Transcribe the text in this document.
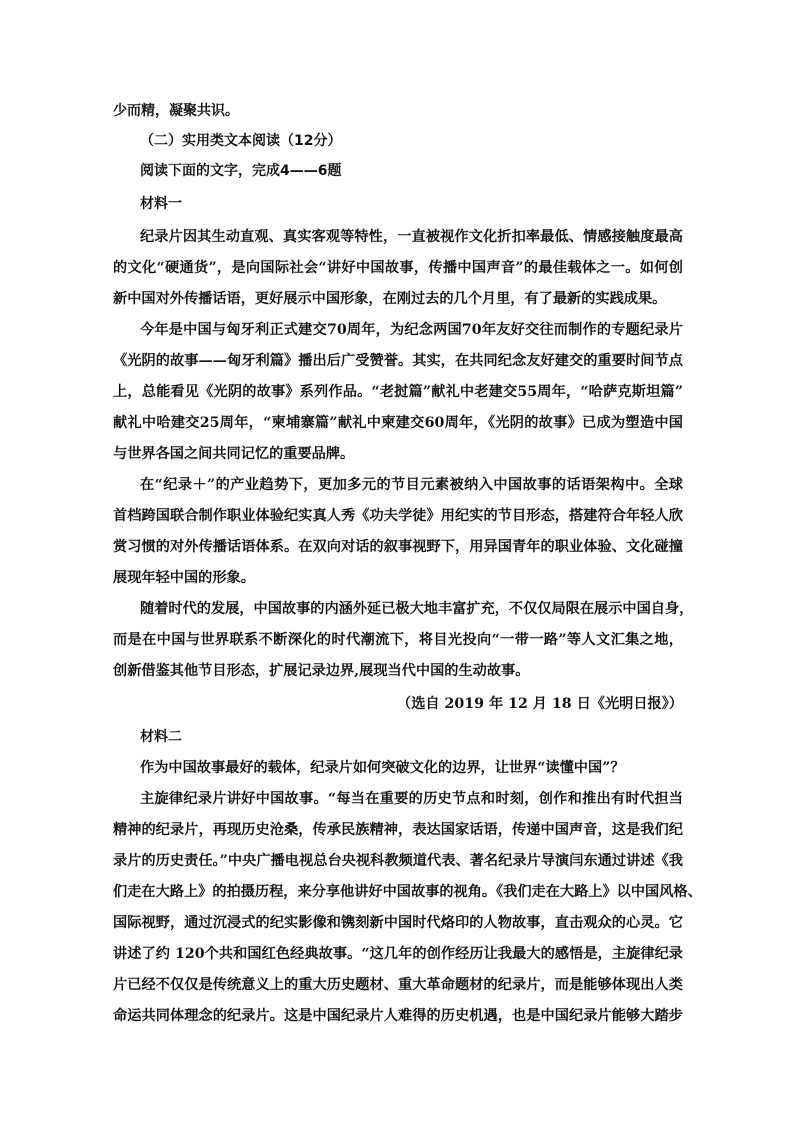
少而精，凝聚共识。
（二）实用类文本阅读（12分）
阅读下面的文字，完成4——6题
材料一
纪录片因其生动直观、真实客观等特性，一直被视作文化折扣率最低、情感接触度最高
的文化“硬通货”，是向国际社会“讲好中国故事，传播中国声音”的最佳载体之一。如何创
新中国对外传播话语，更好展示中国形象，在刚过去的几个月里，有了最新的实践成果。
今年是中国与匈牙利正式建交70周年，为纪念两国70年友好交往而制作的专题纪录片
《光阴的故事——匈牙利篇》播出后广受赞誉。其实，在共同纪念友好建交的重要时间节点
上，总能看见《光阴的故事》系列作品。“老挝篇”献礼中老建交55周年，“哈萨克斯坦篇”
献礼中哈建交25周年，“柬埔寨篇”献礼中柬建交60周年，《光阴的故事》已成为塑造中国
与世界各国之间共同记忆的重要品牌。
在“纪录＋”的产业趋势下，更加多元的节目元素被纳入中国故事的话语架构中。全球
首档跨国联合制作职业体验纪实真人秀《功夫学徒》用纪实的节目形态，搭建符合年轻人欣
赏习惯的对外传播话语体系。在双向对话的叙事视野下，用异国青年的职业体验、文化碰撞
展现年轻中国的形象。
随着时代的发展，中国故事的内涵外延已极大地丰富扩充，不仅仅局限在展示中国自身，
而是在中国与世界联系不断深化的时代潮流下，将目光投向“一带一路”等人文汇集之地，
创新借鉴其他节目形态，扩展记录边界,展现当代中国的生动故事。
（选自 2019 年 12 月 18 日《光明日报》）
材料二
作为中国故事最好的载体，纪录片如何突破文化的边界，让世界“读懂中国”？
主旋律纪录片讲好中国故事。“每当在重要的历史节点和时刻，创作和推出有时代担当
精神的纪录片，再现历史沧桑，传承民族精神，表达国家话语，传递中国声音，这是我们纪
录片的历史责任。”中央广播电视总台央视科教频道代表、著名纪录片导演闫东通过讲述《我
们走在大路上》的拍摄历程，来分享他讲好中国故事的视角。《我们走在大路上》以中国风格、
国际视野，通过沉浸式的纪实影像和镌刻新中国时代烙印的人物故事，直击观众的心灵。它
讲述了约 120个共和国红色经典故事。“这几年的创作经历让我最大的感悟是，主旋律纪录
片已经不仅仅是传统意义上的重大历史题材、重大革命题材的纪录片，而是能够体现出人类
命运共同体理念的纪录片。这是中国纪录片人难得的历史机遇，也是中国纪录片能够大踏步
